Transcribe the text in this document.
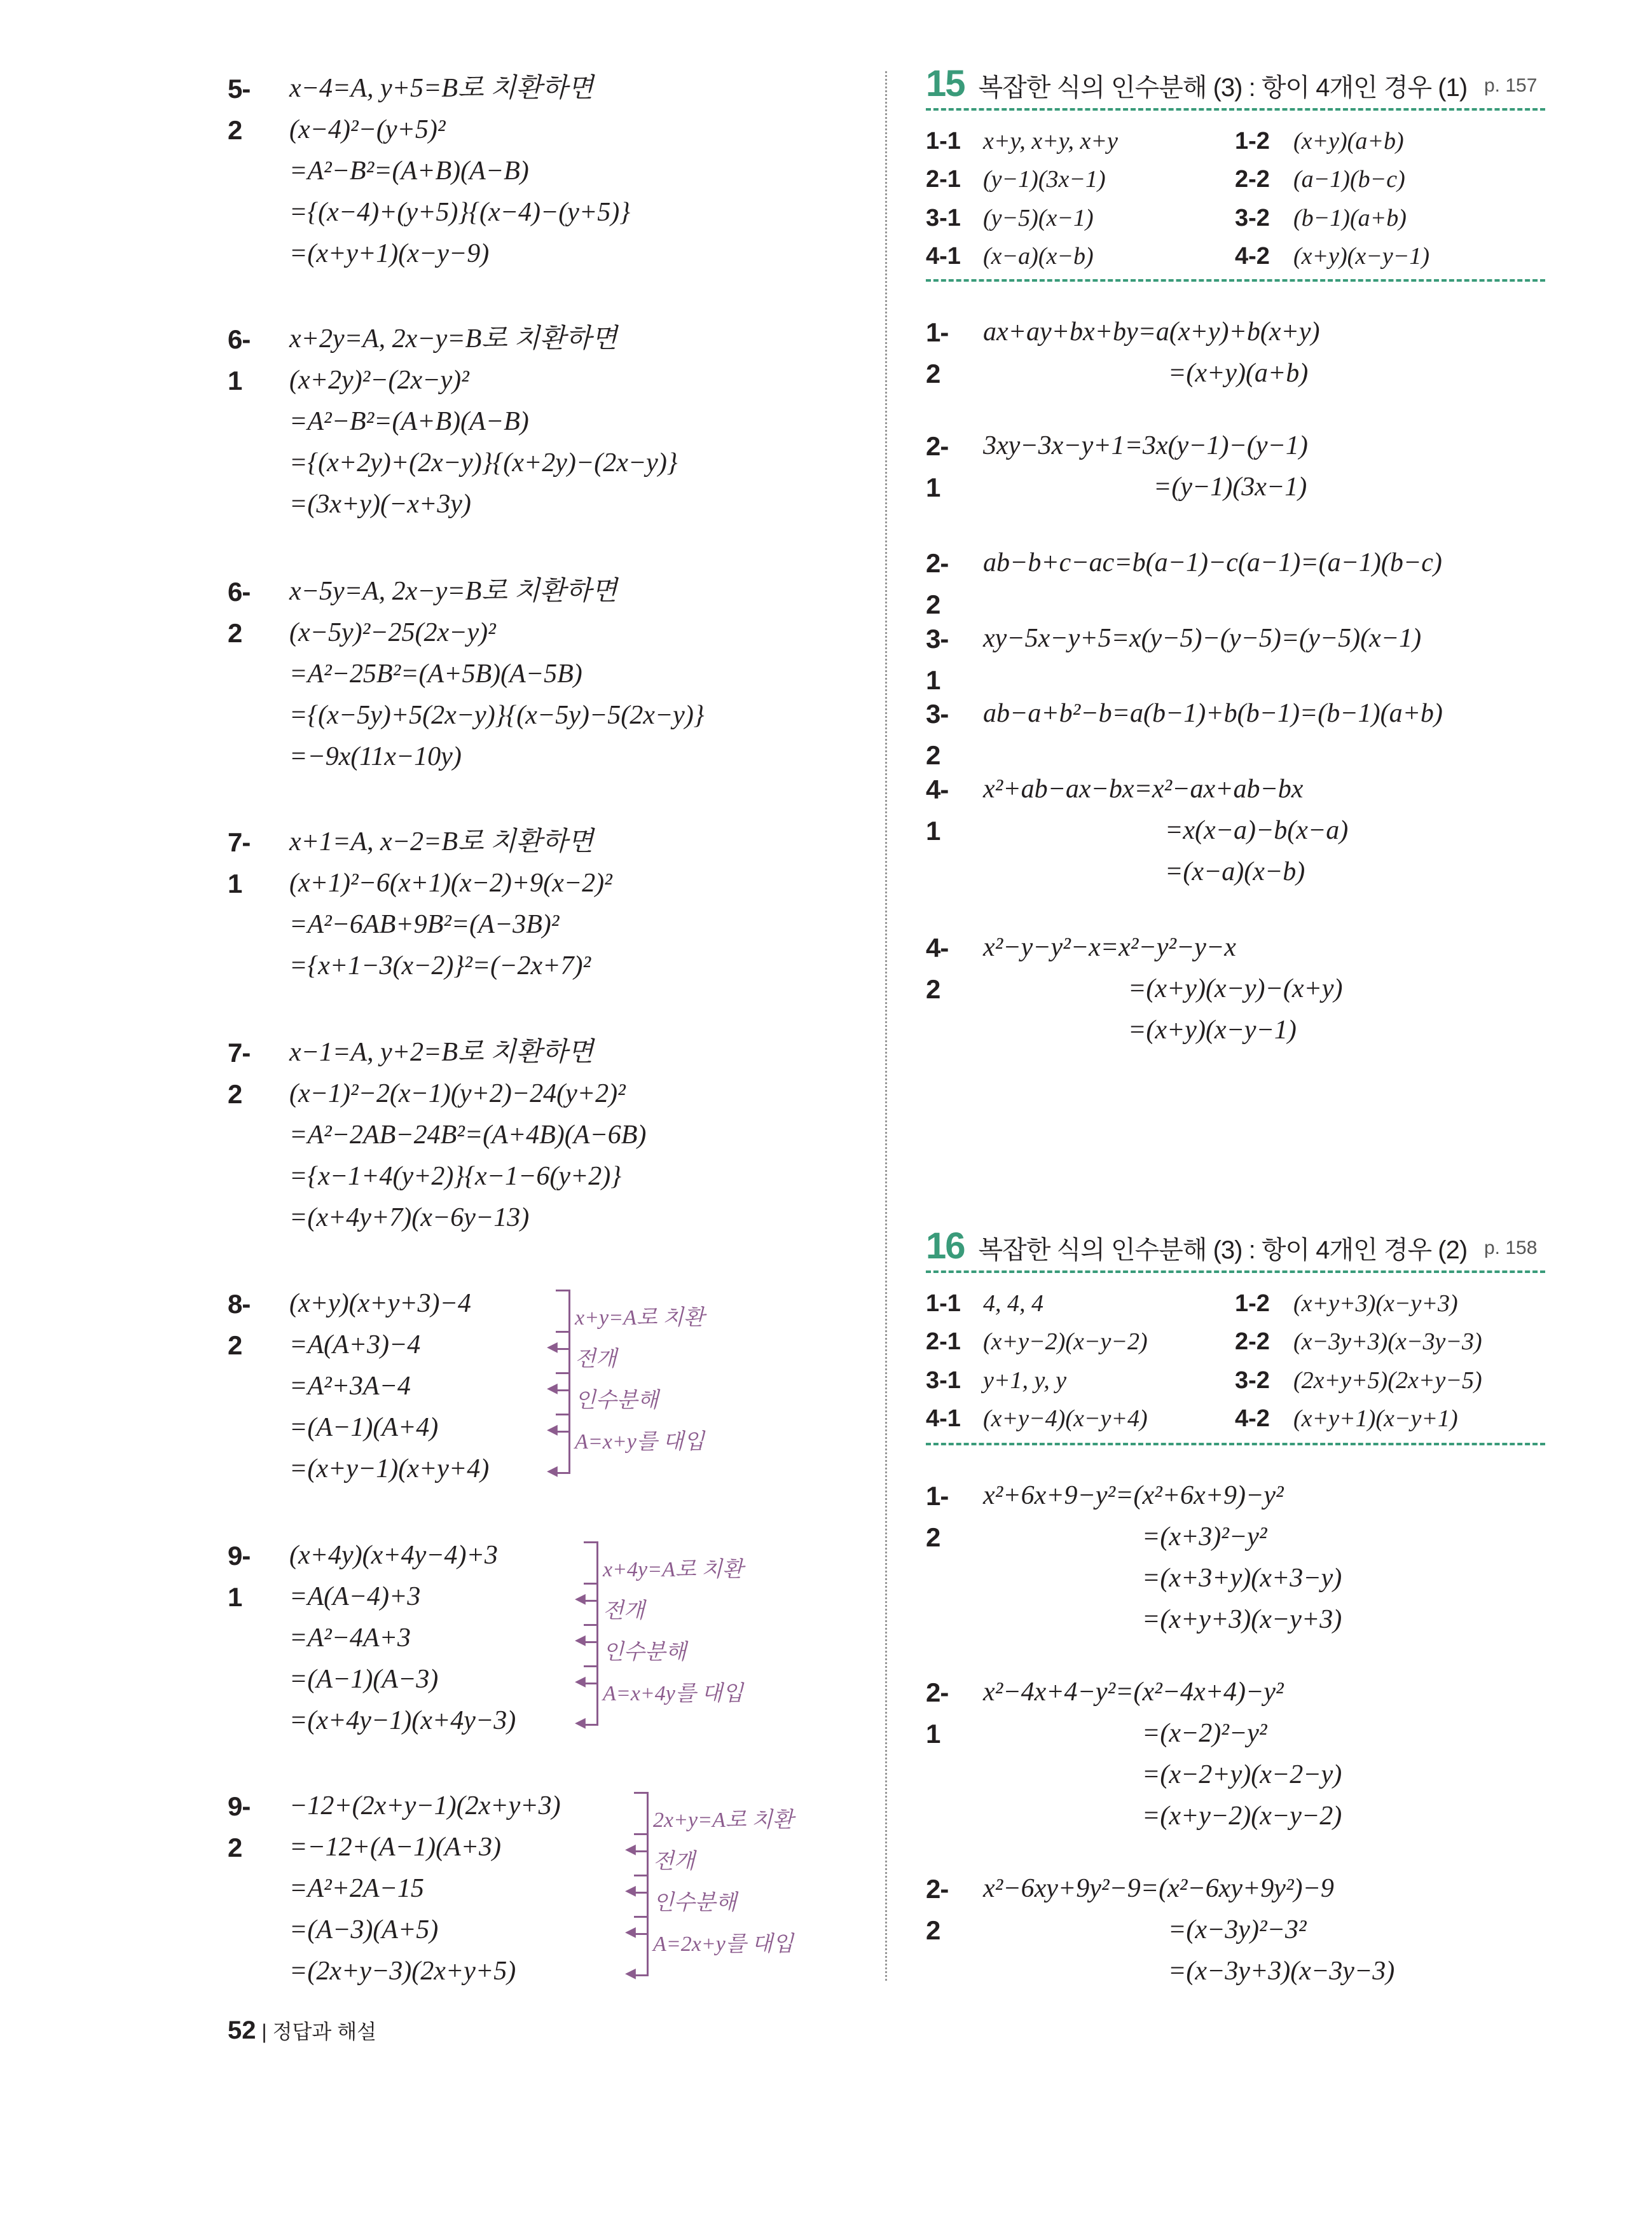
15 복잡한 식의 인수분해 (3) : 항이 4개인 경우 (1) p. 157
16 복잡한 식의 인수분해 (3) : 항이 4개인 경우 (2) p. 158
5-2
x−4=A, y+5=B로 치환하면
(x−4)²−(y+5)²
=A²−B²=(A+B)(A−B)
={(x−4)+(y+5)}{(x−4)−(y+5)}
=(x+y+1)(x−y−9)
6-1
x+2y=A, 2x−y=B로 치환하면
(x+2y)²−(2x−y)²
=A²−B²=(A+B)(A−B)
={(x+2y)+(2x−y)}{(x+2y)−(2x−y)}
=(3x+y)(−x+3y)
6-2
x−5y=A, 2x−y=B로 치환하면
(x−5y)²−25(2x−y)²
=A²−25B²=(A+5B)(A−5B)
={(x−5y)+5(2x−y)}{(x−5y)−5(2x−y)}
=−9x(11x−10y)
7-1
x+1=A, x−2=B로 치환하면
(x+1)²−6(x+1)(x−2)+9(x−2)²
=A²−6AB+9B²=(A−3B)²
={x+1−3(x−2)}²=(−2x+7)²
7-2
x−1=A, y+2=B로 치환하면
(x−1)²−2(x−1)(y+2)−24(y+2)²
=A²−2AB−24B²=(A+4B)(A−6B)
={x−1+4(y+2)}{x−1−6(y+2)}
=(x+4y+7)(x−6y−13)
8-2
(x+y)(x+y+3)−4
=A(A+3)−4
=A²+3A−4
=(A−1)(A+4)
=(x+y−1)(x+y+4)
◀
x+y=A로 치환
◀
전개
◀
인수분해
◀
A=x+y를 대입
9-1
(x+4y)(x+4y−4)+3
=A(A−4)+3
=A²−4A+3
=(A−1)(A−3)
=(x+4y−1)(x+4y−3)
◀
x+4y=A로 치환
◀
전개
◀
인수분해
◀
A=x+4y를 대입
9-2
−12+(2x+y−1)(2x+y+3)
=−12+(A−1)(A+3)
=A²+2A−15
=(A−3)(A+5)
=(2x+y−3)(2x+y+5)
◀
2x+y=A로 치환
◀
전개
◀
인수분해
◀
A=2x+y를 대입
1-1 x+y, x+y, x+y	1-2 (x+y)(a+b)
2-1 (y−1)(3x−1)	2-2 (a−1)(b−c)
3-1 (y−5)(x−1)	3-2 (b−1)(a+b)
4-1 (x−a)(x−b)	4-2 (x+y)(x−y−1)
1-1 4, 4, 4	1-2 (x+y+3)(x−y+3)
2-1 (x+y−2)(x−y−2)	2-2 (x−3y+3)(x−3y−3)
3-1 y+1, y, y	3-2 (2x+y+5)(2x+y−5)
4-1 (x+y−4)(x−y+4)	4-2 (x+y+1)(x−y+1)
1-2
ax+ay+bx+by=a(x+y)+b(x+y)
=(x+y)(a+b)
2-1
3xy−3x−y+1=3x(y−1)−(y−1)
=(y−1)(3x−1)
2-2
ab−b+c−ac=b(a−1)−c(a−1)=(a−1)(b−c)
3-1
xy−5x−y+5=x(y−5)−(y−5)=(y−5)(x−1)
3-2
ab−a+b²−b=a(b−1)+b(b−1)=(b−1)(a+b)
4-1
x²+ab−ax−bx=x²−ax+ab−bx
=x(x−a)−b(x−a)
=(x−a)(x−b)
4-2
x²−y−y²−x=x²−y²−y−x
=(x+y)(x−y)−(x+y)
=(x+y)(x−y−1)
1-2
x²+6x+9−y²=(x²+6x+9)−y²
=(x+3)²−y²
=(x+3+y)(x+3−y)
=(x+y+3)(x−y+3)
2-1
x²−4x+4−y²=(x²−4x+4)−y²
=(x−2)²−y²
=(x−2+y)(x−2−y)
=(x+y−2)(x−y−2)
2-2
x²−6xy+9y²−9=(x²−6xy+9y²)−9
=(x−3y)²−3²
=(x−3y+3)(x−3y−3)
52 | 정답과 해설
